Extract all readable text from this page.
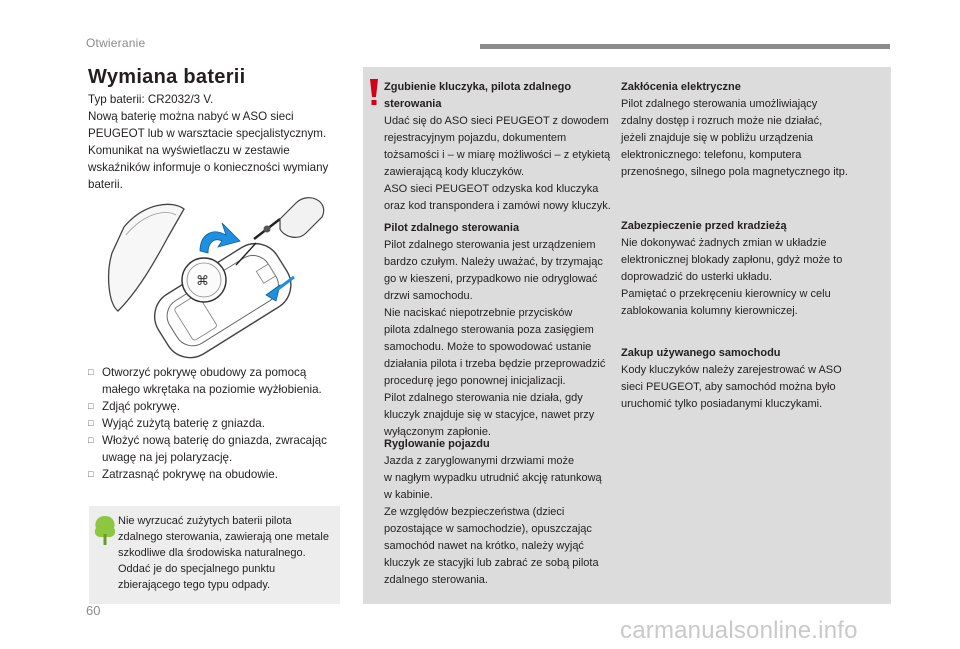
Otwieranie
Wymiana baterii
Typ baterii: CR2032/3 V.
Nową baterię można nabyć w ASO sieci
PEUGEOT lub w warsztacie specjalistycznym.
Komunikat na wyświetlaczu w zestawie
wskaźników informuje o konieczności wymiany
baterii.
⌘
□ Otworzyć pokrywę obudowy za pomocą
małego wkrętaka na poziomie wyżłobienia.
□ Zdjąć pokrywę.
□ Wyjąć zużytą baterię z gniazda.
□ Włożyć nową baterię do gniazda, zwracając
uwagę na jej polaryzację.
□ Zatrzasnąć pokrywę na obudowie.
Nie wyrzucać zużytych baterii pilota
zdalnego sterowania, zawierają one metale
szkodliwe dla środowiska naturalnego.
Oddać je do specjalnego punktu
zbierającego tego typu odpady.
Zgubienie kluczyka, pilota zdalnego
sterowania
Udać się do ASO sieci PEUGEOT z dowodem
rejestracyjnym pojazdu, dokumentem
tożsamości i – w miarę możliwości – z etykietą
zawierającą kody kluczyków.
ASO sieci PEUGEOT odzyska kod kluczyka
oraz kod transpondera i zamówi nowy kluczyk.
Pilot zdalnego sterowania
Pilot zdalnego sterowania jest urządzeniem
bardzo czułym. Należy uważać, by trzymając
go w kieszeni, przypadkowo nie odryglować
drzwi samochodu.
Nie naciskać niepotrzebnie przycisków
pilota zdalnego sterowania poza zasięgiem
samochodu. Może to spowodować ustanie
działania pilota i trzeba będzie przeprowadzić
procedurę jego ponownej inicjalizacji.
Pilot zdalnego sterowania nie działa, gdy
kluczyk znajduje się w stacyjce, nawet przy
wyłączonym zapłonie.
Ryglowanie pojazdu
Jazda z zaryglowanymi drzwiami może
w nagłym wypadku utrudnić akcję ratunkową
w kabinie.
Ze względów bezpieczeństwa (dzieci
pozostające w samochodzie), opuszczając
samochód nawet na krótko, należy wyjąć
kluczyk ze stacyjki lub zabrać ze sobą pilota
zdalnego sterowania.
Zakłócenia elektryczne
Pilot zdalnego sterowania umożliwiający
zdalny dostęp i rozruch może nie działać,
jeżeli znajduje się w pobliżu urządzenia
elektronicznego: telefonu, komputera
przenośnego, silnego pola magnetycznego itp.
Zabezpieczenie przed kradzieżą
Nie dokonywać żadnych zmian w układzie
elektronicznej blokady zapłonu, gdyż może to
doprowadzić do usterki układu.
Pamiętać o przekręceniu kierownicy w celu
zablokowania kolumny kierowniczej.
Zakup używanego samochodu
Kody kluczyków należy zarejestrować w ASO
sieci PEUGEOT, aby samochód można było
uruchomić tylko posiadanymi kluczykami.
60
carmanualsonline.info
